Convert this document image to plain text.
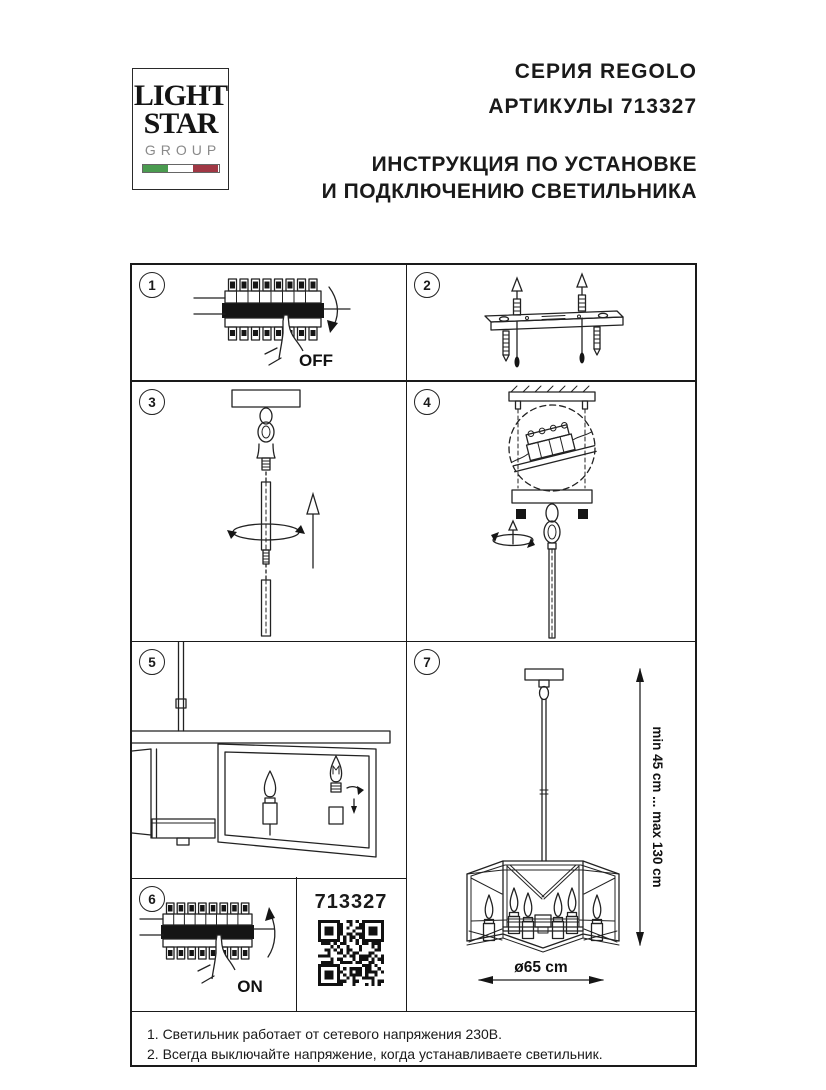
LIGHT
STAR
GROUP
СЕРИЯ REGOLO
АРТИКУЛЫ 713327
ИНСТРУКЦИЯ ПО УСТАНОВКЕ
И ПОДКЛЮЧЕНИЮ СВЕТИЛЬНИКА
1
OFF
2
3	4
5	7
min 45 cm ... max 130 cm
ø65 cm
6
ON
713327
1. Светильник работает от сетевого напряжения 230В.
2. Всегда выключайте напряжение, когда устанавливаете светильник.
